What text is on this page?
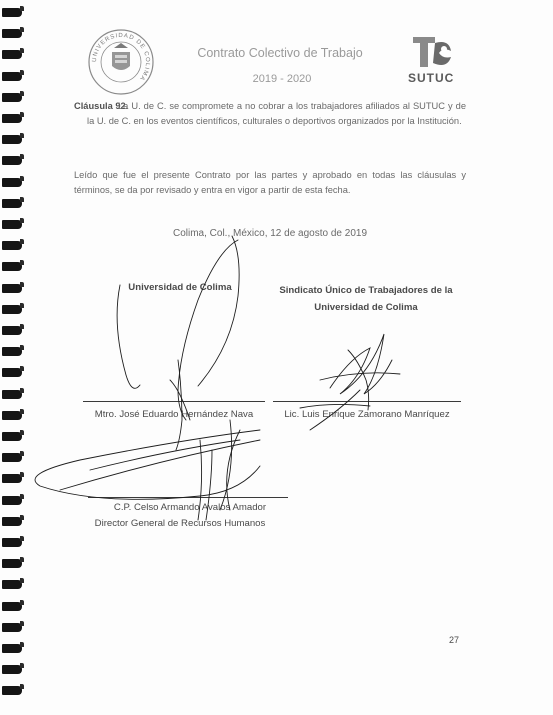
UNIVERSIDAD DE COLIMA
Contrato Colectivo de Trabajo
2019 - 2020	SUTUC
Cláusula 92.
La U. de C. se compromete a no cobrar a los trabajadores afiliados al SUTUC y de la U. de C. en los eventos científicos, culturales o deportivos organizados por la Institución.
Leído que fue el presente Contrato por las partes y aprobado en todas las cláusulas y términos, se da por revisado y entra en vigor a partir de esta fecha.
Colima, Col., México, 12 de agosto de 2019
Universidad de Colima	Sindicato Único de Trabajadores de la
Universidad de Colima
Mtro. José Eduardo Hernández Nava	Lic. Luis Enrique Zamorano Manríquez
C.P. Celso Armando Avalos Amador
Director General de Recursos Humanos
27
